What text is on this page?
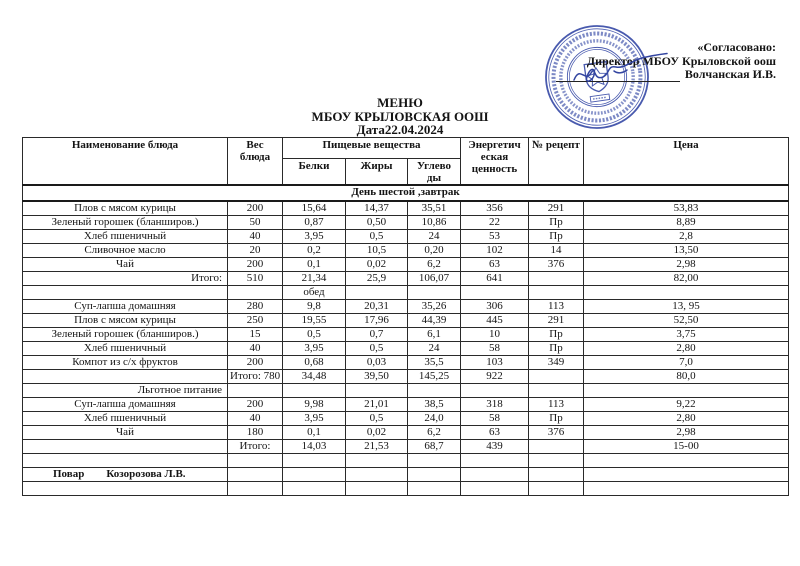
«Согласовано:
Директор МБОУ Крыловской оош
Волчанская И.В.
МЕНЮ
МБОУ КРЫЛОВСКАЯ ООШ
Дата22.04.2024
Наименование блюда	Вес блюда	Пищевые вещества			Энергетич еская ценность	№ рецепт	Цена
		Белки	Жиры	Углево ды			
День шестой ,завтрак							
Плов с мясом курицы	200	15,64	14,37	35,51	356	291	53,83
Зеленый горошек (бланширов.)	50	0,87	0,50	10,86	22	Пр	8,89
Хлеб пшеничный	40	3,95	0,5	24	53	Пр	2,8
Сливочное масло	20	0,2	10,5	0,20	102	14	13,50
Чай	200	0,1	0,02	6,2	63	376	2,98
Итого:	510	21,34	25,9	106,07	641		82,00
		обед					
Суп-лапша домашняя	280	9,8	20,31	35,26	306	113	13, 95
Плов с мясом курицы	250	19,55	17,96	44,39	445	291	52,50
Зеленый горошек (бланширов.)	15	0,5	0,7	6,1	10	Пр	3,75
Хлеб пшеничный	40	3,95	0,5	24	58	Пр	2,80
Компот из с/х фруктов	200	0,68	0,03	35,5	103	349	7,0
	Итого: 780	34,48	39,50	145,25	922		80,0
Льготное питание							
Суп-лапша домашняя	200	9,98	21,01	38,5	318	113	9,22
Хлеб пшеничный	40	3,95	0,5	24,0	58	Пр	2,80
Чай	180	0,1	0,02	6,2	63	376	2,98
	Итого:	14,03	21,53	68,7	439		15-00

Повар Козорозова Л.В.							
